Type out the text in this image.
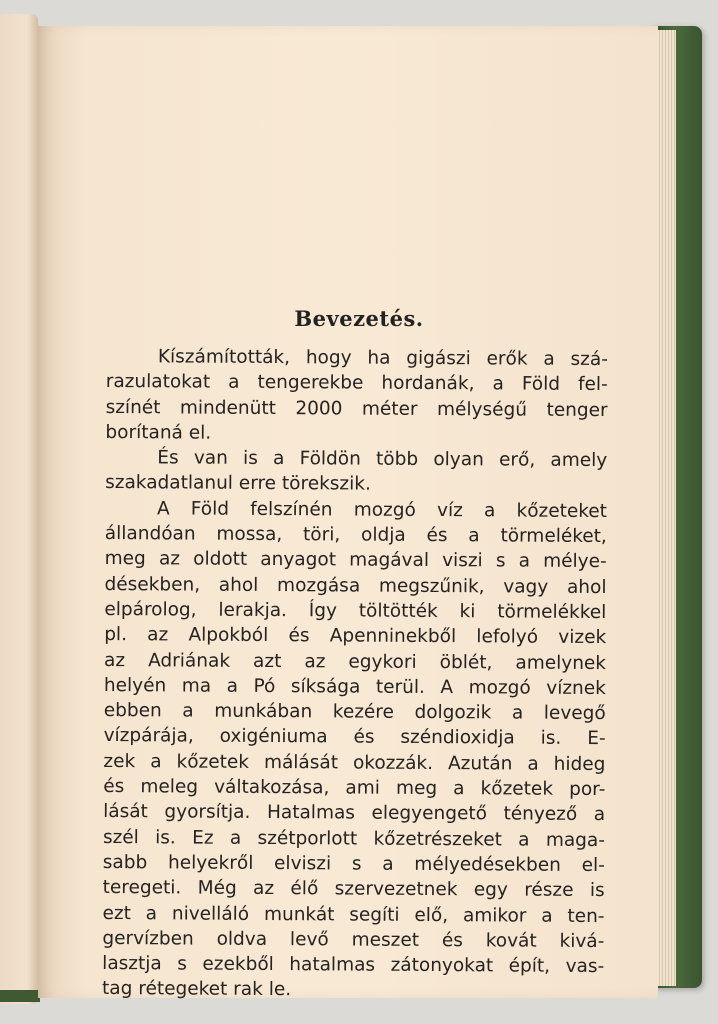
Bevezetés.
Kíszámították, hogy ha gigászi erők a szá-
razulatokat a tengerekbe hordanák, a Föld fel-
színét mindenütt 2000 méter mélységű tenger
borítaná el.
És van is a Földön több olyan erő, amely
szakadatlanul erre törekszik.
A Föld felszínén mozgó víz a kőzeteket
állandóan mossa, töri, oldja és a törmeléket,
meg az oldott anyagot magával viszi s a mélye-
désekben, ahol mozgása megszűnik, vagy ahol
elpárolog, lerakja. Így töltötték ki törmelékkel
pl. az Alpokból és Apenninekből lefolyó vizek
az Adriának azt az egykori öblét, amelynek
helyén ma a Pó síksága terül. A mozgó víznek
ebben a munkában kezére dolgozik a levegő
vízpárája, oxigéniuma és széndioxidja is. E-
zek a kőzetek málását okozzák. Azután a hideg
és meleg váltakozása, ami meg a kőzetek por-
lását gyorsítja. Hatalmas elegyengető tényező a
szél is. Ez a szétporlott kőzetrészeket a maga-
sabb helyekről elviszi s a mélyedésekben el-
teregeti. Még az élő szervezetnek egy része is
ezt a nivelláló munkát segíti elő, amikor a ten-
gervízben oldva levő meszet és kovát kivá-
lasztja s ezekből hatalmas zátonyokat épít, vas-
tag rétegeket rak le.
